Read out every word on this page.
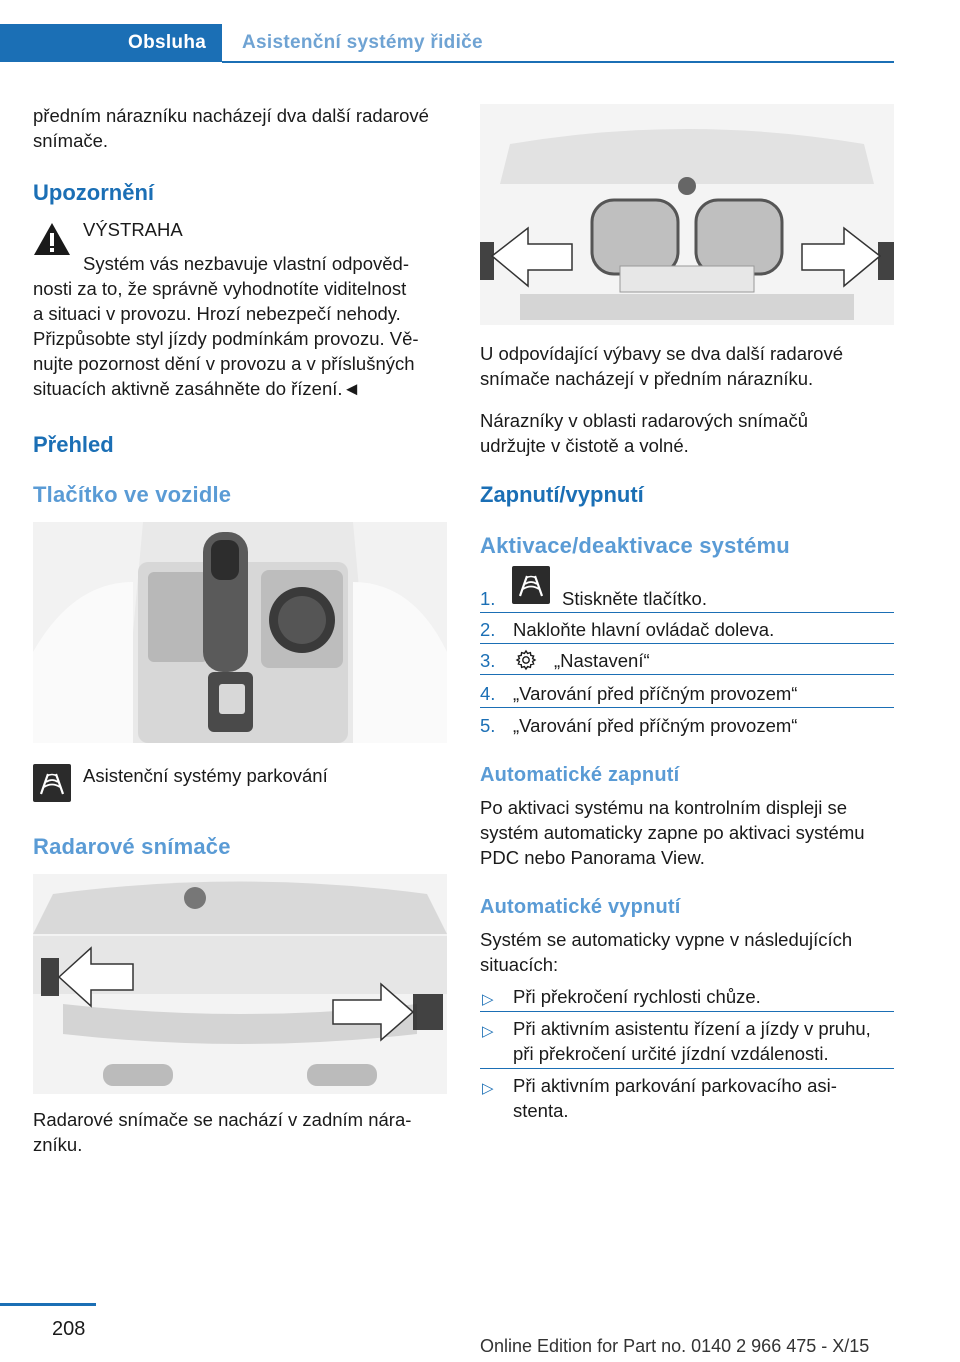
Obsluha Asistenční systémy řidiče

předním nárazníku nacházejí dva další radarové

snímače.

Upozornění

VÝSTRAHA

Systém vás nezbavuje vlastní odpověd‐

nosti za to, že správně vyhodnotíte viditelnost

a situaci v provozu. Hrozí nebezpečí nehody.

Přizpůsobte styl jízdy podmínkám provozu. Vě‐

nujte pozornost dění v provozu a v příslušných

situacích aktivně zasáhněte do řízení.◄

Přehled
Tlačítko ve vozidle

Asistenční systémy parkování

Radarové snímače

Radarové snímače se nachází v zadním nára‐

zníku.

U odpovídající výbavy se dva další radarové

snímače nacházejí v předním nárazníku.

Nárazníky v oblasti radarových snímačů

udržujte v čistotě a volné.

Zapnutí/vypnutí
Aktivace/deaktivace systému
1.	Stiskněte tlačítko.
2. Nakloňte hlavní ovládač doleva.
3.	„Nastavení“
4. „Varování před příčným provozem“
5. „Varování před příčným provozem“
Automatické zapnutí

Po aktivaci systému na kontrolním displeji se

systém automaticky zapne po aktivaci systému

PDC nebo Panorama View.

Automatické vypnutí

Systém se automaticky vypne v následujících

situacích:

▷ Při překročení rychlosti chůze.
▷ Při aktivním asistentu řízení a jízdy v pruhu,
při překročení určité jízdní vzdálenosti.
▷ Při aktivním parkování parkovacího asi‐
stenta.
208
Online Edition for Part no. 0140 2 966 475 - X/15
